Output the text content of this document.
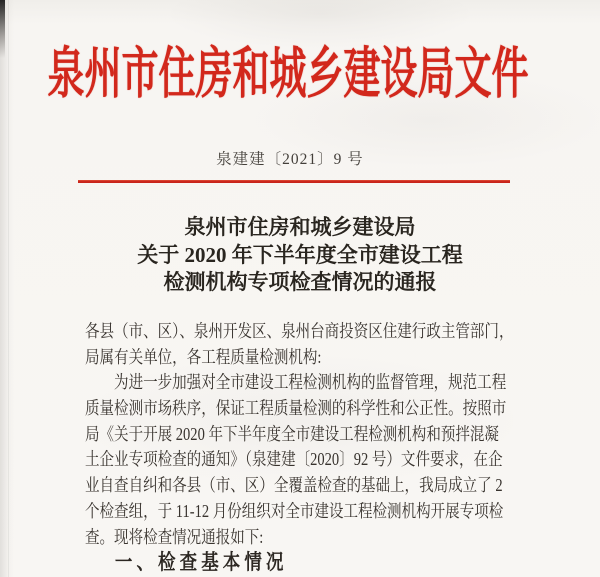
泉州市住房和城乡建设局文件
泉建建〔2021〕9 号
泉州市住房和城乡建设局
关于 2020 年下半年度全市建设工程
检测机构专项检查情况的通报
各县（市、区）、泉州开发区、泉州台商投资区住建行政主管部门，
局属有关单位，各工程质量检测机构:
　　为进一步加强对全市建设工程检测机构的监督管理，规范工程
质量检测市场秩序，保证工程质量检测的科学性和公正性。按照市
局《关于开展 2020 年下半年度全市建设工程检测机构和预拌混凝
土企业专项检查的通知》（泉建建〔2020〕92 号）文件要求，在企
业自查自纠和各县（市、区）全覆盖检查的基础上，我局成立了 2
个检查组，于 11-12 月份组织对全市建设工程检测机构开展专项检
查。现将检查情况通报如下:
一、检查基本情况
